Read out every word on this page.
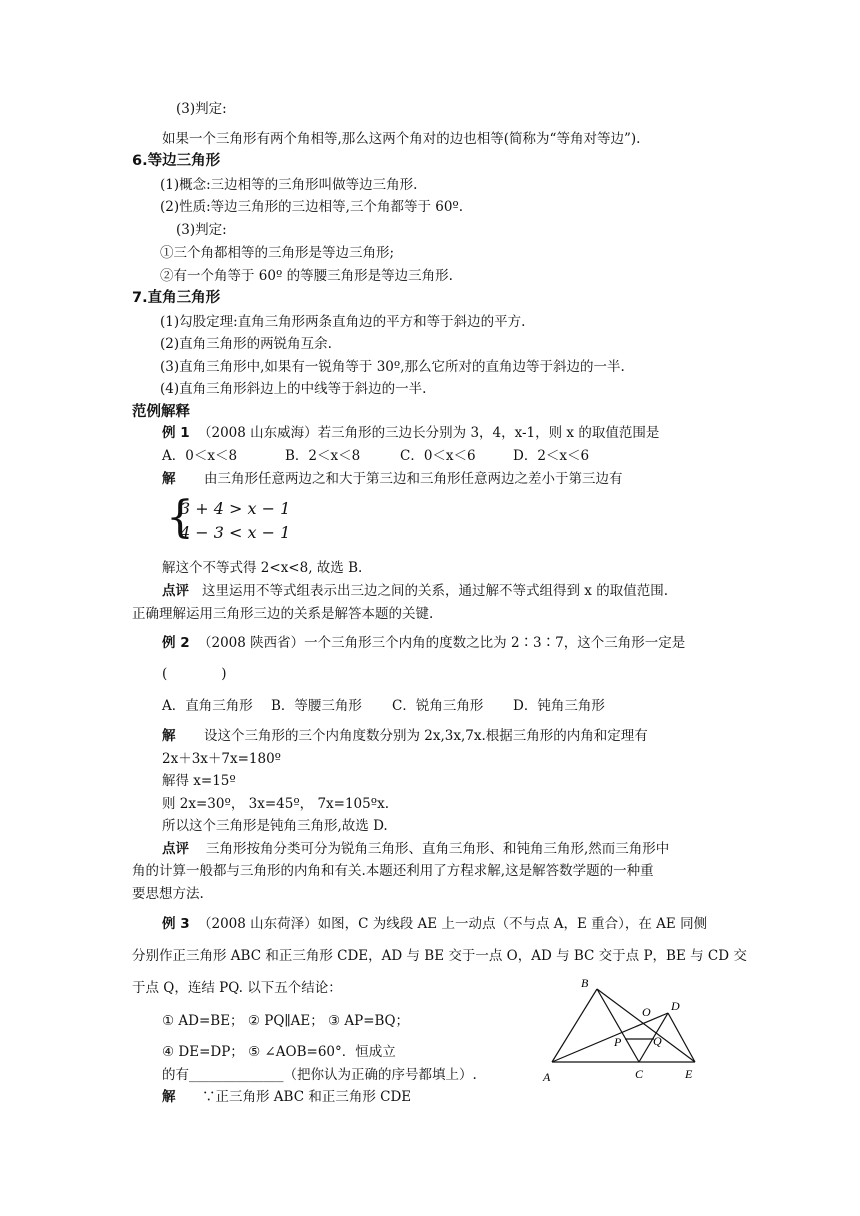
(3)判定:
如果一个三角形有两个角相等,那么这两个角对的边也相等(简称为“等角对等边”).
6.等边三角形
(1)概念:三边相等的三角形叫做等边三角形.
(2)性质:等边三角形的三边相等,三个角都等于 60º.
(3)判定:
①三个角都相等的三角形是等边三角形;
②有一个角等于 60º 的等腰三角形是等边三角形.
7.直角三角形
(1)勾股定理:直角三角形两条直角边的平方和等于斜边的平方.
(2)直角三角形的两锐角互余.
(3)直角三角形中,如果有一锐角等于 30º,那么它所对的直角边等于斜边的一半.
(4)直角三角形斜边上的中线等于斜边的一半.
范例解释
例 1 （2008 山东威海）若三角形的三边长分别为 3，4，x-1，则 x 的取值范围是
A．0＜x＜8	B．2＜x＜8	C．0＜x＜6	D．2＜x＜6
解 由三角形任意两边之和大于第三边和三角形任意两边之差小于第三边有
{
3 + 4 > x − 1
4 − 3 < x − 1
解这个不等式得 2<x<8, 故选 B.
点评 这里运用不等式组表示出三边之间的关系，通过解不等式组得到 x 的取值范围.
正确理解运用三角形三边的关系是解答本题的关键.
例 2 （2008 陕西省）一个三角形三个内角的度数之比为 2∶3∶7，这个三角形一定是
(　　　　)
A．直角三角形 B．等腰三角形 C．锐角三角形 D．钝角三角形
解 设这个三角形的三个内角度数分别为 2x,3x,7x.根据三角形的内角和定理有
2x＋3x＋7x=180º
解得 x=15º
则 2x=30º， 3x=45º， 7x=105ºx.
所以这个三角形是钝角三角形,故选 D.
点评 三角形按角分类可分为锐角三角形、直角三角形、和钝角三角形,然而三角形中
角的计算一般都与三角形的内角和有关.本题还利用了方程求解,这是解答数学题的一种重
要思想方法.
例 3 （2008 山东荷泽）如图，C 为线段 AE 上一动点（不与点 A，E 重合），在 AE 同侧
分别作正三角形 ABC 和正三角形 CDE，AD 与 BE 交于一点 O，AD 与 BC 交于点 P，BE 与 CD 交
于点 Q，连结 PQ. 以下五个结论：
① AD=BE； ② PQ∥AE； ③ AP=BQ；
④ DE=DP； ⑤ ∠AOB=60°．恒成立
的有______________（把你认为正确的序号都填上）.
解 ∵正三角形 ABC 和正三角形 CDE
B
D
O
P	Q
A	C	E
